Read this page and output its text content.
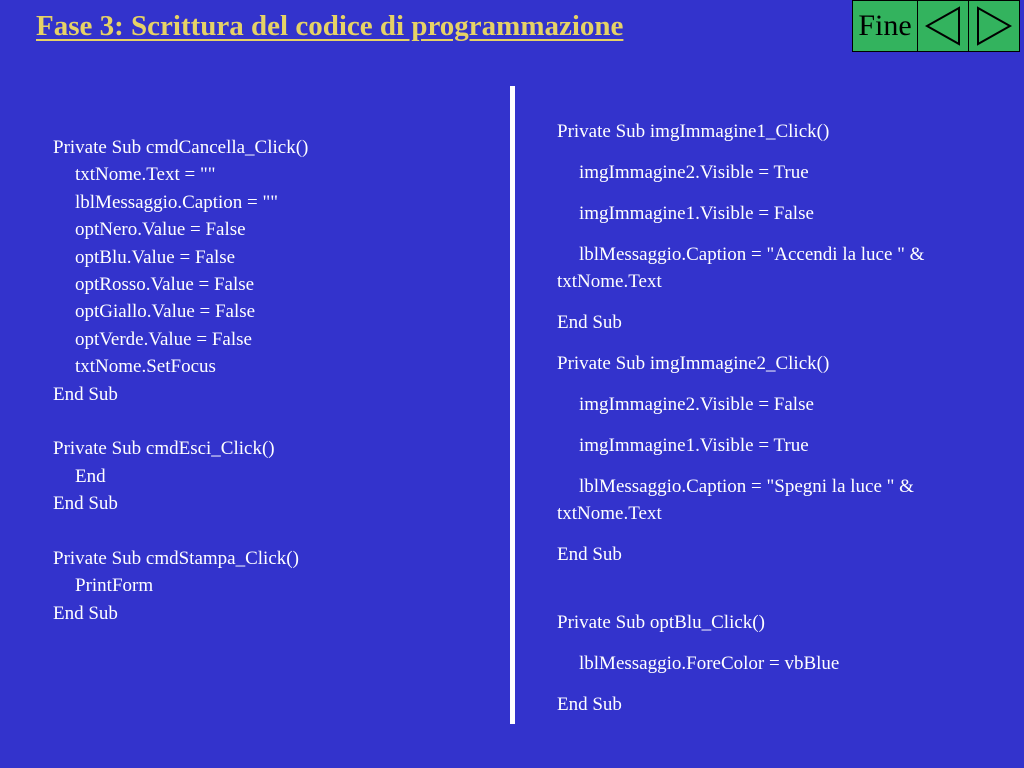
Fase 3: Scrittura del codice di programmazione	Fine
Private Sub cmdCancella_Click()
txtNome.Text = ""
lblMessaggio.Caption = ""
optNero.Value = False
optBlu.Value = False
optRosso.Value = False
optGiallo.Value = False
optVerde.Value = False
txtNome.SetFocus
End Sub
Private Sub cmdEsci_Click()
End
End Sub
Private Sub cmdStampa_Click()
PrintForm
End Sub

Private Sub imgImmagine1_Click()

imgImmagine2.Visible = True

imgImmagine1.Visible = False

lblMessaggio.Caption = "Accendi la luce " & txtNome.Text

End Sub

Private Sub imgImmagine2_Click()

imgImmagine2.Visible = False

imgImmagine1.Visible = True

lblMessaggio.Caption = "Spegni la luce " & txtNome.Text

End Sub

Private Sub optBlu_Click()

lblMessaggio.ForeColor = vbBlue

End Sub
